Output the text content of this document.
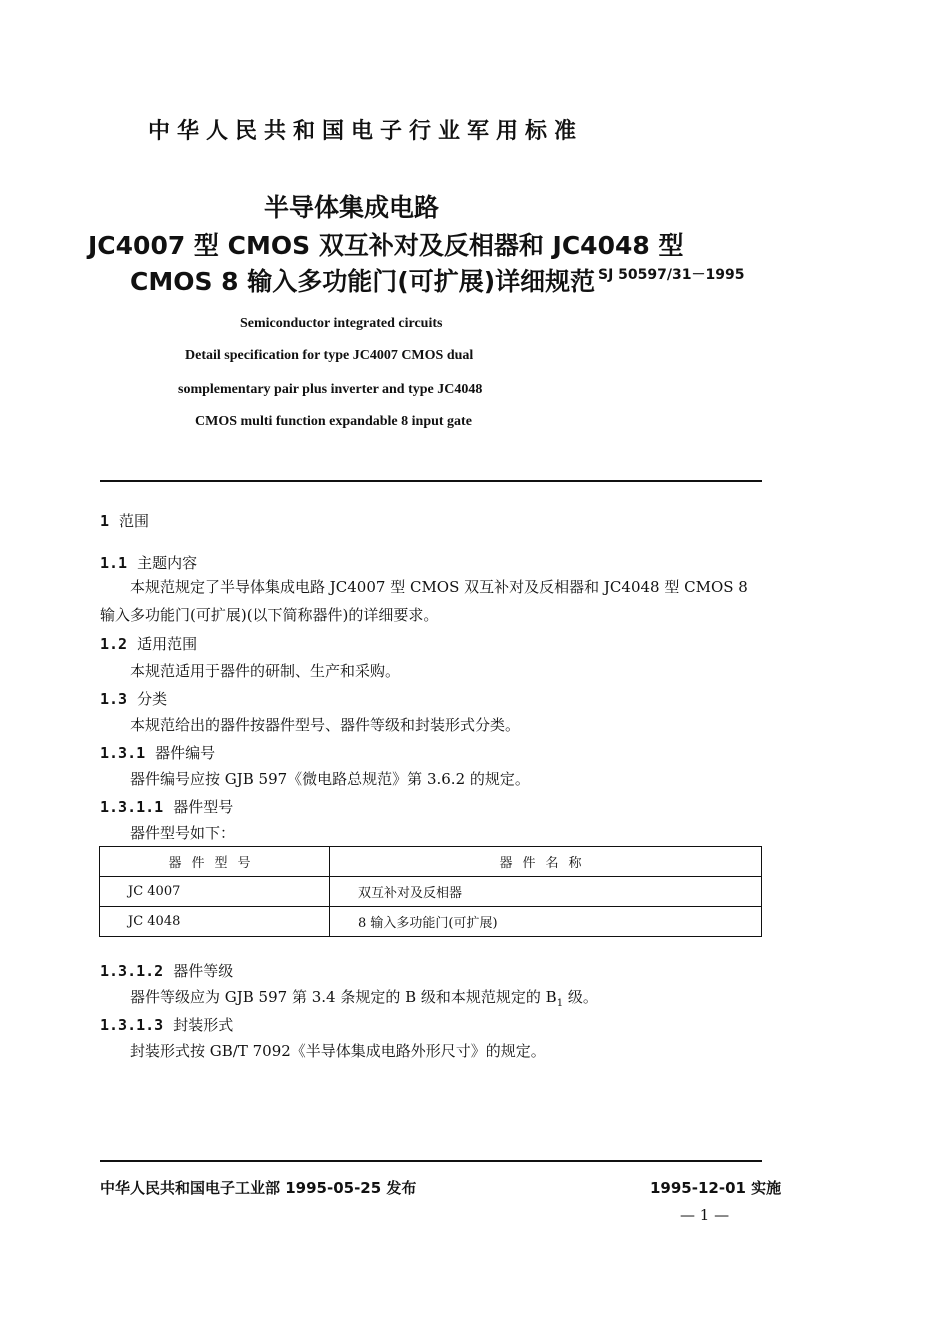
中华人民共和国电子行业军用标准
半导体集成电路
JC4007 型 CMOS 双互补对及反相器和 JC4048 型
CMOS 8 输入多功能门(可扩展)详细规范 SJ 50597/31－1995
Semiconductor integrated circuits
Detail specification for type JC4007 CMOS dual
somplementary pair plus inverter and type JC4048
CMOS multi function expandable 8 input gate
1 范围
1.1 主题内容
本规范规定了半导体集成电路 JC4007 型 CMOS 双互补对及反相器和 JC4048 型 CMOS 8
输入多功能门(可扩展)(以下简称器件)的详细要求。
1.2 适用范围
本规范适用于器件的研制、生产和采购。
1.3 分类
本规范给出的器件按器件型号、器件等级和封装形式分类。
1.3.1 器件编号
器件编号应按 GJB 597《微电路总规范》第 3.6.2 的规定。
1.3.1.1 器件型号
器件型号如下：
器件型号	器件名称
JC 4007	双互补对及反相器
JC 4048	8 输入多功能门(可扩展)
1.3.1.2 器件等级
器件等级应为 GJB 597 第 3.4 条规定的 B 级和本规范规定的 $B_1$ 级。
1.3.1.3 封装形式
封装形式按 GB/T 7092《半导体集成电路外形尺寸》的规定。
中华人民共和国电子工业部 1995-05-25 发布	1995-12-01 实施
— 1 —
